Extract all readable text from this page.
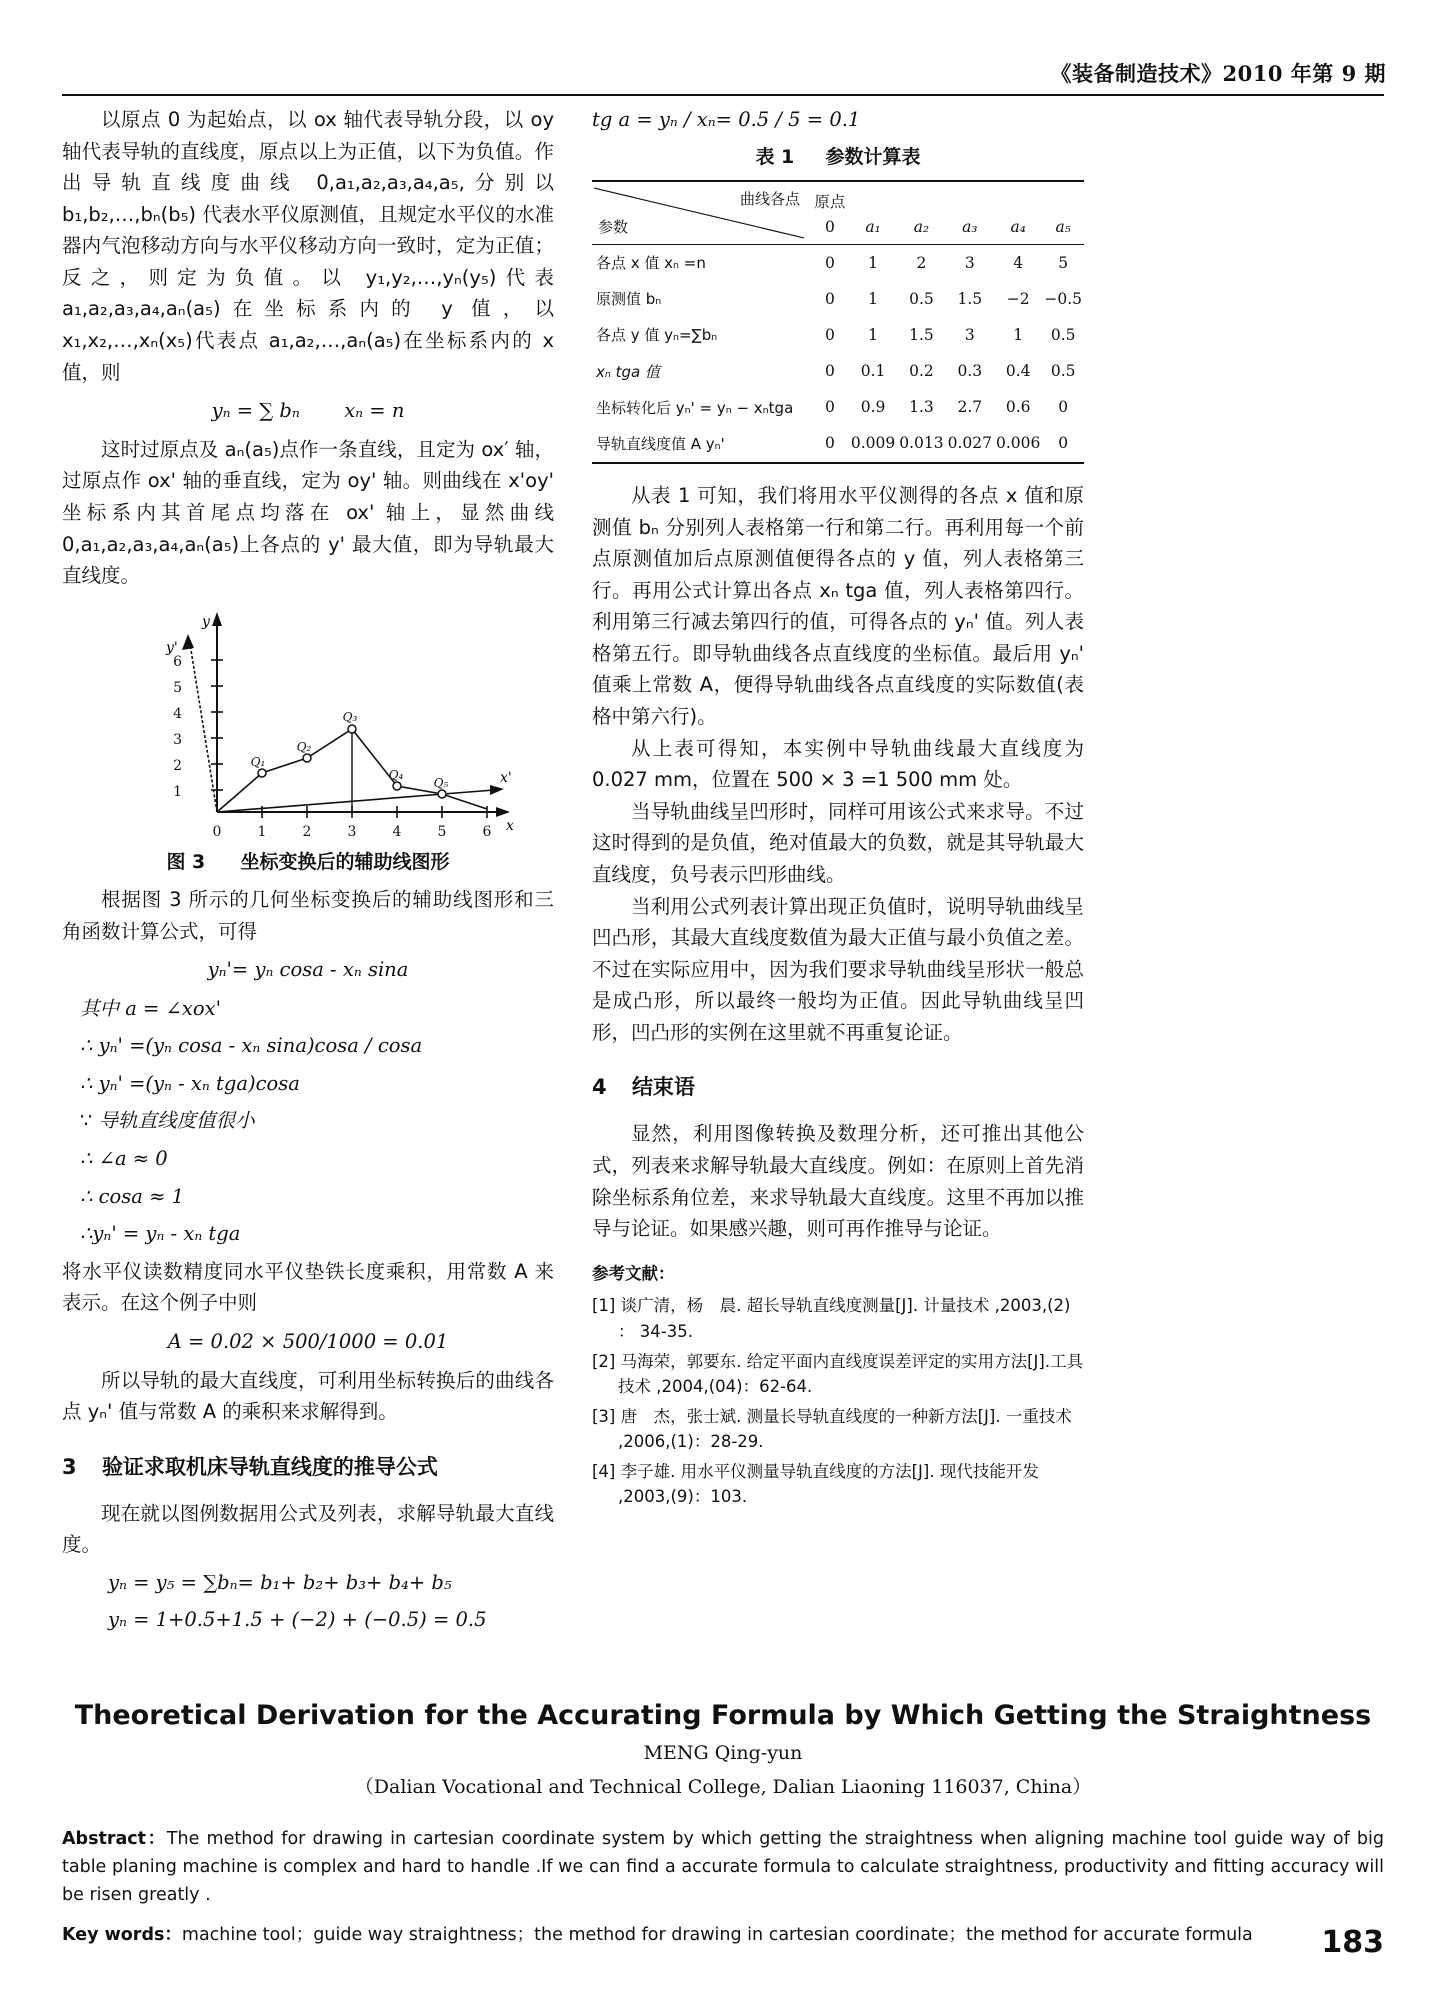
《装备制造技术》2010 年第 9 期

以原点 0 为起始点，以 ox 轴代表导轨分段，以 oy 轴代表导轨的直线度，原点以上为正值，以下为负值。作出导轨直线度曲线 0,a₁,a₂,a₃,a₄,a₅,分别以 b₁,b₂,…,bₙ(b₅) 代表水平仪原测值，且规定水平仪的水准器内气泡移动方向与水平仪移动方向一致时，定为正值；反之，则定为负值。以 y₁,y₂,…,yₙ(y₅)代表 a₁,a₂,a₃,a₄,aₙ(a₅)在坐标系内的 y 值，以 x₁,x₂,…,xₙ(x₅)代表点 a₁,a₂,…,aₙ(a₅)在坐标系内的 x 值，则

yₙ = ∑ bₙ xₙ = n

这时过原点及 aₙ(a₅)点作一条直线，且定为 ox′ 轴，过原点作 ox' 轴的垂直线，定为 oy' 轴。则曲线在 x'oy' 坐标系内其首尾点均落在 ox' 轴上，显然曲线 0,a₁,a₂,a₃,a₄,aₙ(a₅)上各点的 y' 最大值，即为导轨最大直线度。

y
y'
x
x'
1
2
3
4
5
6
0	1	2	3	4	5	6
Q₁
Q₂
Q₃
Q₄
Q₅
图 3 坐标变换后的辅助线图形

根据图 3 所示的几何坐标变换后的辅助线图形和三角函数计算公式，可得

yₙ'= yₙ cosa - xₙ sina
其中 a = ∠xox'
∴ yₙ' =(yₙ cosa - xₙ sina)cosa / cosa
∴ yₙ' =(yₙ - xₙ tga)cosa
∵ 导轨直线度值很小
∴ ∠a ≈ 0
∴ cosa ≈ 1
∴yₙ' = yₙ - xₙ tga

将水平仪读数精度同水平仪垫铁长度乘积，用常数 A 来表示。在这个例子中则

A = 0.02 × 500/1000 = 0.01

所以导轨的最大直线度，可利用坐标转换后的曲线各点 yₙ' 值与常数 A 的乘积来求解得到。

3 验证求取机床导轨直线度的推导公式

现在就以图例数据用公式及列表，求解导轨最大直线度。

yₙ = y₅ = ∑bₙ= b₁+ b₂+ b₃+ b₄+ b₅
yₙ = 1+0.5+1.5 + (−2) + (−0.5) = 0.5
tg a = yₙ / xₙ= 0.5 / 5 = 0.1
表 1 参数计算表
曲线各点
参数	原点 0	a₁	a₂	a₃	a₄	a₅
各点 x 值 xₙ =n	0	1	2	3	4	5
原测值 bₙ	0	1	0.5	1.5	−2	−0.5
各点 y 值 yₙ=∑bₙ	0	1	1.5	3	1	0.5
xₙ tga 值	0	0.1	0.2	0.3	0.4	0.5
坐标转化后 yₙ' = yₙ − xₙtga	0	0.9	1.3	2.7	0.6	0
导轨直线度值 A yₙ'	0	0.009	0.013	0.027	0.006	0

从表 1 可知，我们将用水平仪测得的各点 x 值和原测值 bₙ 分别列人表格第一行和第二行。再利用每一个前点原测值加后点原测值便得各点的 y 值，列人表格第三行。再用公式计算出各点 xₙ tga 值，列人表格第四行。利用第三行减去第四行的值，可得各点的 yₙ' 值。列人表格第五行。即导轨曲线各点直线度的坐标值。最后用 yₙ' 值乘上常数 A，便得导轨曲线各点直线度的实际数值(表格中第六行)。

从上表可得知，本实例中导轨曲线最大直线度为 0.027 mm，位置在 500 × 3 =1 500 mm 处。

当导轨曲线呈凹形时，同样可用该公式来求导。不过这时得到的是负值，绝对值最大的负数，就是其导轨最大直线度，负号表示凹形曲线。

当利用公式列表计算出现正负值时，说明导轨曲线呈凹凸形，其最大直线度数值为最大正值与最小负值之差。不过在实际应用中，因为我们要求导轨曲线呈形状一般总是成凸形，所以最终一般均为正值。因此导轨曲线呈凹形，凹凸形的实例在这里就不再重复论证。

4 结束语

显然，利用图像转换及数理分析，还可推出其他公式，列表来求解导轨最大直线度。例如：在原则上首先消除坐标系角位差，来求导轨最大直线度。这里不再加以推导与论证。如果感兴趣，则可再作推导与论证。

参考文献：
[1] 谈广清，杨　晨. 超长导轨直线度测量[J]. 计量技术 ,2003,(2) ： 34-35.
[2] 马海荣，郭要东. 给定平面内直线度误差评定的实用方法[J].工具技术 ,2004,(04)：62-64.
[3] 唐　杰，张士斌. 测量长导轨直线度的一种新方法[J]. 一重技术 ,2006,(1)：28-29.
[4] 李子雄. 用水平仪测量导轨直线度的方法[J]. 现代技能开发 ,2003,(9)：103.
Theoretical Derivation for the Accurating Formula by Which Getting the Straightness
MENG Qing-yun
（Dalian Vocational and Technical College, Dalian Liaoning 116037, China）
Abstract：The method for drawing in cartesian coordinate system by which getting the straightness when aligning machine tool guide way of big table planing machine is complex and hard to handle .If we can find a accurate formula to calculate straightness, productivity and fitting accuracy will be risen greatly .
Key words：machine tool；guide way straightness；the method for drawing in cartesian coordinate；the method for accurate formula	183
